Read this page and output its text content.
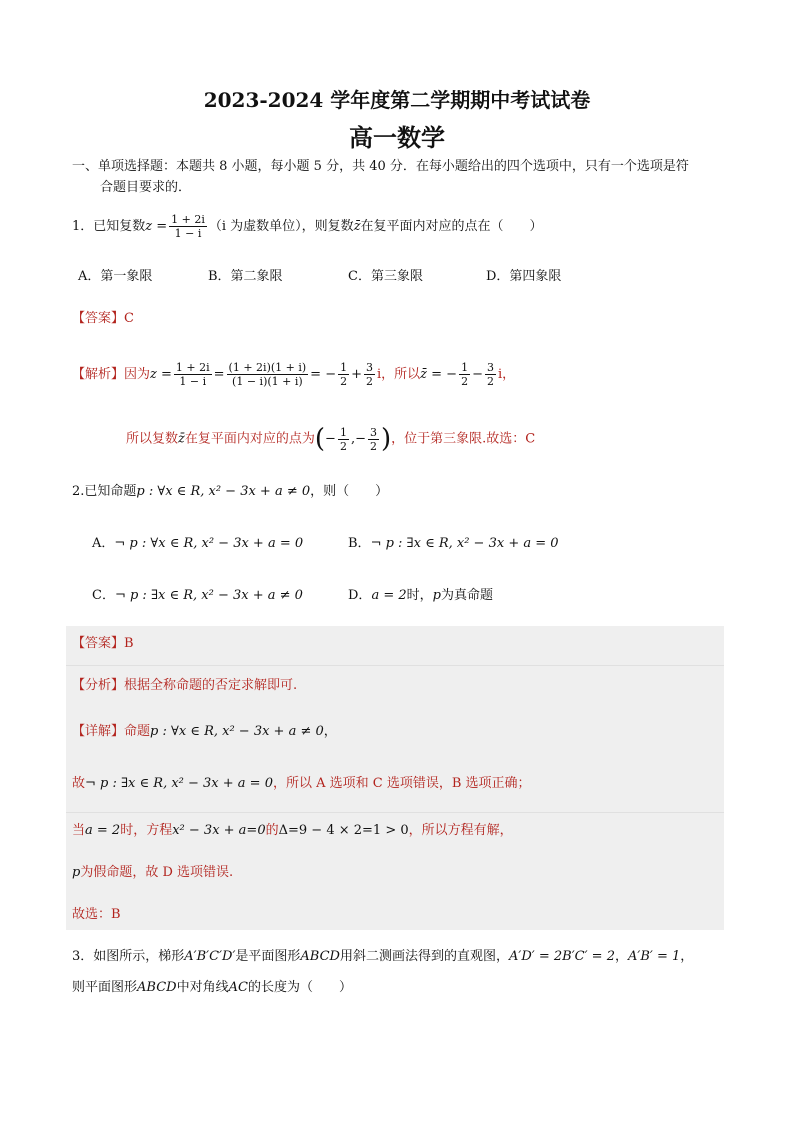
2023-2024 学年度第二学期期中考试试卷
高一数学
一、单项选择题：本题共 8 小题，每小题 5 分，共 40 分．在每小题给出的四个选项中，只有一个选项是符
合题目要求的．
1．已知复数$z = \frac{1 + 2i}{1 - i} (i$ 为虚数单位），则复数z̄在复平面内对应的点在（　　）
A．第一象限	B．第二象限	C．第三象限	D．第四象限
【答案】C
【解析】因为$z = \frac{1 + 2i}{1 - i} = \frac{(1 + 2i)(1 + i)}{(1 - i)(1 + i)}$ = − $\frac{1}{2} + \frac{3}{2}$ i，所以z̄ = − $\frac{1}{2} - \frac{3}{2}$ i，
所以复数z̄在复平面内对应的点为(− $\frac{1}{2}$ ,− $\frac{3}{2}$ )，位于第三象限.故选：C
2.已知命题p : ∀x ∈ R, x² − 3x + a ≠ 0，则（　　）
A．¬ p : ∀x ∈ R, x² − 3x + a = 0	B．¬ p : ∃x ∈ R, x² − 3x + a = 0
C．¬ p : ∃x ∈ R, x² − 3x + a ≠ 0	D．a = 2时，p为真命题
【答案】B
【分析】根据全称命题的否定求解即可.
【详解】命题p : ∀x ∈ R, x² − 3x + a ≠ 0，
故¬ p : ∃x ∈ R, x² − 3x + a = 0，所以 A 选项和 C 选项错误，B 选项正确；
当a = 2时，方程x² − 3x + a=0的Δ=9 − 4 × 2=1 > 0，所以方程有解，
p为假命题，故 D 选项错误.
故选：B
3．如图所示，梯形A′B′C′D′是平面图形ABCD用斜二测画法得到的直观图，A′D′ = 2B′C′ = 2，A′B′ = 1，
则平面图形ABCD中对角线AC的长度为（　　）
